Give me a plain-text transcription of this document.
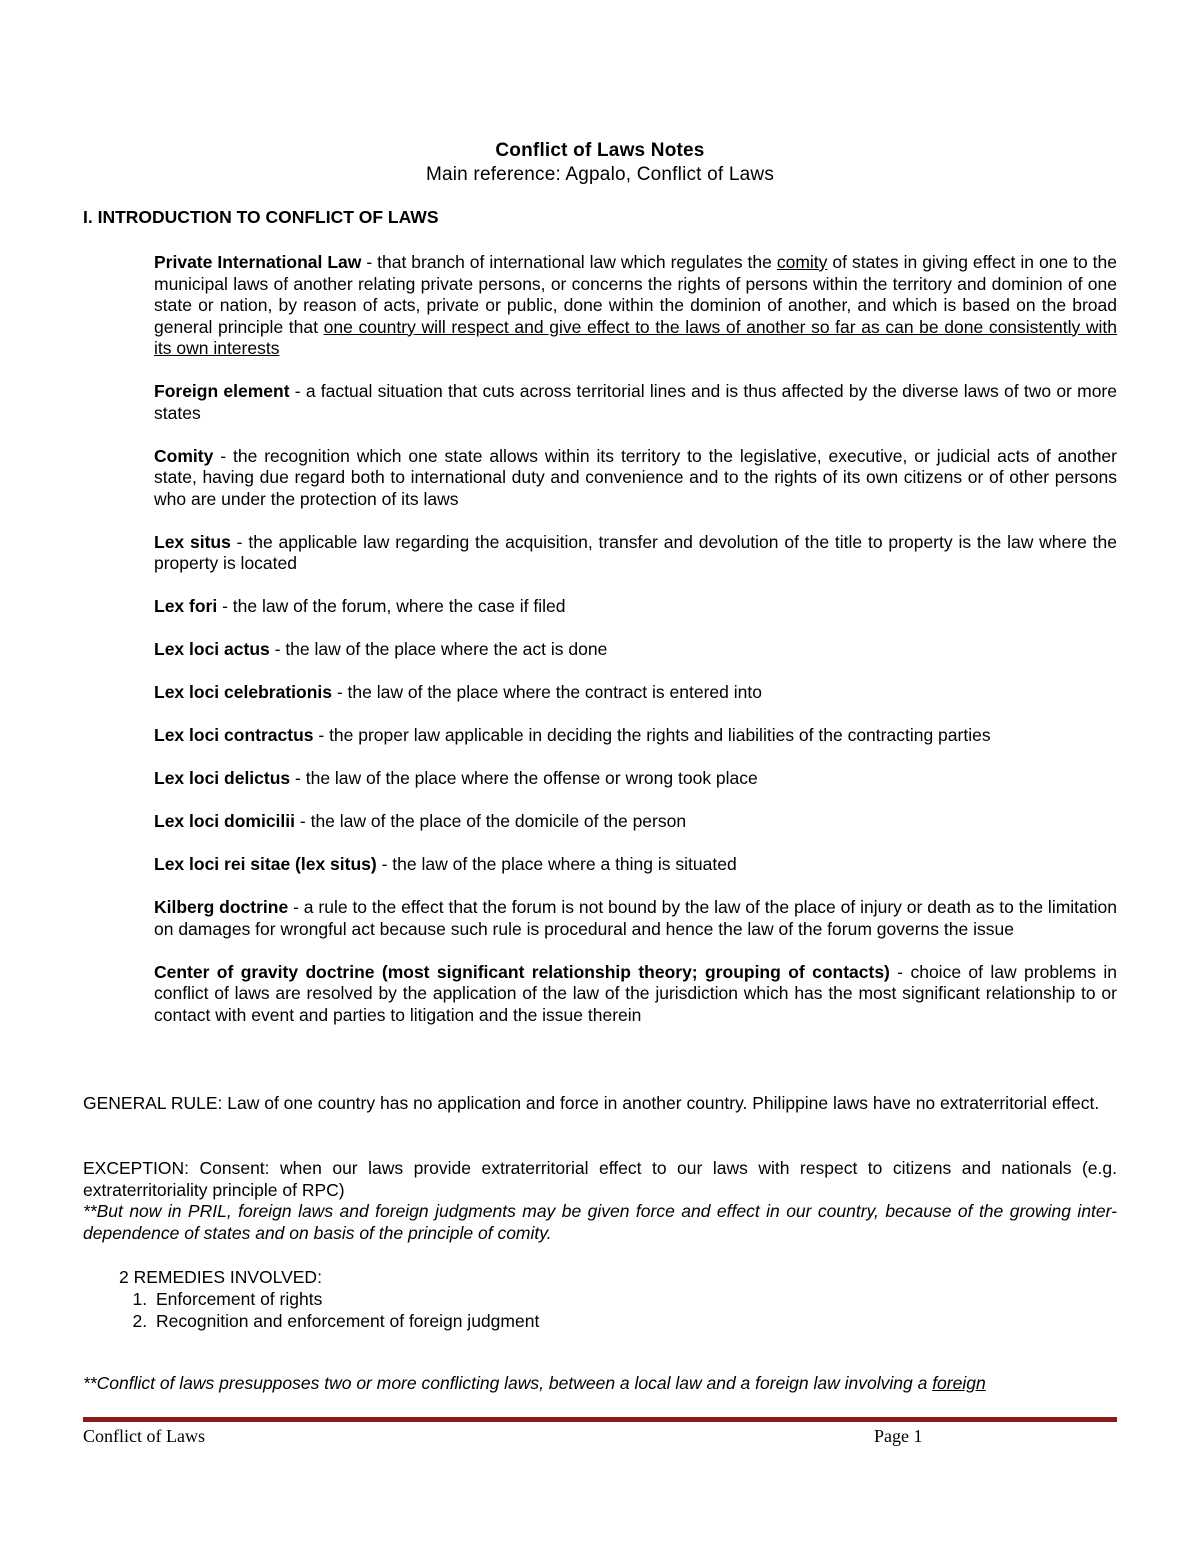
Conflict of Laws Notes
Main reference: Agpalo, Conflict of Laws
I. INTRODUCTION TO CONFLICT OF LAWS

Private International Law - that branch of international law which regulates the comity of states in giving effect in one to the municipal laws of another relating private persons, or concerns the rights of persons within the territory and dominion of one state or nation, by reason of acts, private or public, done within the dominion of another, and which is based on the broad general principle that one country will respect and give effect to the laws of another so far as can be done consistently with its own interests

Foreign element - a factual situation that cuts across territorial lines and is thus affected by the diverse laws of two or more states

Comity - the recognition which one state allows within its territory to the legislative, executive, or judicial acts of another state, having due regard both to international duty and convenience and to the rights of its own citizens or of other persons who are under the protection of its laws

Lex situs - the applicable law regarding the acquisition, transfer and devolution of the title to property is the law where the property is located

Lex fori - the law of the forum, where the case if filed

Lex loci actus - the law of the place where the act is done

Lex loci celebrationis - the law of the place where the contract is entered into

Lex loci contractus - the proper law applicable in deciding the rights and liabilities of the contracting parties

Lex loci delictus - the law of the place where the offense or wrong took place

Lex loci domicilii - the law of the place of the domicile of the person

Lex loci rei sitae (lex situs) - the law of the place where a thing is situated

Kilberg doctrine - a rule to the effect that the forum is not bound by the law of the place of injury or death as to the limitation on damages for wrongful act because such rule is procedural and hence the law of the forum governs the issue

Center of gravity doctrine (most significant relationship theory; grouping of contacts) - choice of law problems in conflict of laws are resolved by the application of the law of the jurisdiction which has the most significant relationship to or contact with event and parties to litigation and the issue therein

GENERAL RULE: Law of one country has no application and force in another country. Philippine laws have no extraterritorial effect.
EXCEPTION: Consent: when our laws provide extraterritorial effect to our laws with respect to citizens and nationals (e.g. extraterritoriality principle of RPC)
**But now in PRIL, foreign laws and foreign judgments may be given force and effect in our country, because of the growing inter-dependence of states and on basis of the principle of comity.
2 REMEDIES INVOLVED:
1. Enforcement of rights
2. Recognition and enforcement of foreign judgment
**Conflict of laws presupposes two or more conflicting laws, between a local law and a foreign law involving a foreign
Conflict of Laws	Page 1
